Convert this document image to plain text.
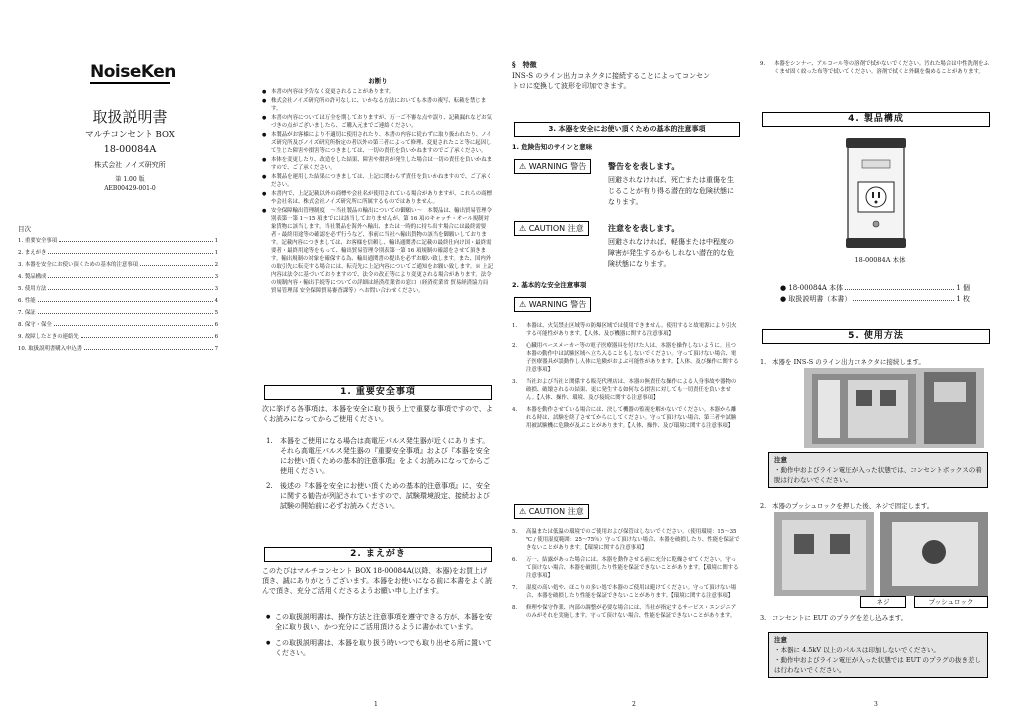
NoiseKen
取扱説明書
マルチコンセント BOX
18-00084A
株式会社 ノイズ研究所
第 1.00 版
AEB00429-001-0
目次
1. 重要安全事項	1
2. まえがき	1
3. 本器を安全にお使い頂くための基本的注意事項	2
4. 製品構成	3
5. 使用方法	3
6. 性能	4
7. 保証	5
8. 保守・保全	6
9. 故障したときの連絡先	6
10. 取扱説明書購入申込書	7
お断り
● 本書の内容は予告なく変更されることがあります。
● 株式会社ノイズ研究所の許可なしに、いかなる方法においても本書の複写、転載を禁じます。
● 本書の内容については万全を期しておりますが、万一ご不審な点や誤り、記載漏れなどお気づきの点がございましたら、ご購入元までご連絡ください。
● 本製品がお客様により不適切に使用されたり、本書の内容に従わずに取り扱われたり、ノイズ研究所及びノイズ研究所指定の者以外の第三者によって修理、変更されたこと等に起因して生じた障害や損害等につきましては、一切の責任を負いかねますのでご了承ください。
● 本体を変更したり、改造をした結果、障害や損害が発生した場合は一切の責任を負いかねますので、ご了承ください。
● 本製品を運用した結果につきましては、上記に関わらず責任を負いかねますので、ご了承ください。
● 本書内で、上記記載以外の商標や会社名が使用されている場合がありますが、これらの商標や会社名は、株式会社ノイズ研究所に所属するものではありません。
● 安全保障輸出管理制度　～当社製品の輸出についての御願い～　本製品は、輸出貿易管理令別表第一第 1～15 項までには該当しておりませんが、第 16 項のキャッチ・オール規制対象貨物に該当します。当社製品を海外へ輸出、または一時的に持ち出す場合には最終需要者・最終用途等の確認を必ず行うなど、事前に当社へ輸出貨物の該当を御願いしております。記載内容につきましては、お客様を信頼し、輸出通関書に記載の最終仕向け国・最終需要者・最終用途等をもって、輸出貿易管理令別表第一第 16 項規制の確認をさせて頂きます。輸出規制の対象を確保する為、輸出通関書の提出を必ずお願い致します。また、国内外の取引先に転売する場合には、転売先に上記内容についてご通知をお願い致します。※ 上記内容は法令に基づいておりますので、法令の改正等により変更される場合があります。法令の規制内容・輸出手続等についての詳細は経済産業省の窓口（経済産業省 貿易経済協力局 貿易管理部 安全保障貿易審査課等）へお問い合わせください。
1. 重要安全事項
次に挙げる各事項は、本器を安全に取り扱う上で重要な事項ですので、よくお読みになってからご使用ください。
1. 本器をご使用になる場合は高電圧パルス発生器が近くにあります。それら高電圧パルス発生器の『重要安全事項』および『本器を安全にお使い頂くための基本的注意事項』をよくお読みになってからご使用ください。
2. 後述の『本器を安全にお使い頂くための基本的注意事項』に、安全に関する勧告が列記されていますので、試験環境設定、接続および試験の開始前に必ずお読みください。
2. まえがき
このたびはマルチコンセント BOX 18-00084A(以降、本器)をお買上げ頂き、誠にありがとうございます。本器をお使いになる前に本書をよく読んで頂き、充分ご活用くださるようお願い申し上げます。
● この取扱説明書は、操作方法と注意事項を遵守できる方が、本器を安全に取り扱い、かつ充分にご活用頂けるように書かれています。
● この取扱説明書は、本器を取り扱う時いつでも取り出せる所に置いてください。
1
§　特徴
INS-S のライン出力コネクタに接続することによってコンセントロに変換して波形を印加できます。
3. 本器を安全にお使い頂くための基本的注意事項
1. 危険告知のサインと意味
⚠ WARNING 警告	警告をを表します。
回避されなければ、死亡または重傷を生じることが有り得る潜在的な危険状態になります。
⚠ CAUTION 注意	注意をを表します。
回避されなければ、軽傷または中程度の障害が発生するかもしれない潜在的な危険状態になります。
2. 基本的な安全注意事項
⚠ WARNING 警告
1. 本器は、火気禁止区域等の防爆区域では使用できません。使用すると故電源により引火する可能性があります。【人体、及び機器に関する注意事項】
2. 心臓用ペースメーカー等の電子医療器具を付けた人は、本器を操作しないように。且つ本器の動作中は試験区域へ立ち入ることもしないでください。守って頂けない場合、電子医療器具が誤動作し人体に危険がおよぶ可能性があります。【人体、及び操作に関する注意事項】
3. 当社および当社と関係する販売代理店は、本器の無責任な操作による人身事故や器物の破損、破壊されるの結果、更に発生する如何なる損害に対しても一切責任を負いません。【人体、操作、環境、及び接続に関する注意事項】
4. 本器を動作させている場合には、決して機器の監視を解かないでください。本器から離れる時は、試験を終了させてからにしてください。守って頂けない場合、第三者や試験用被試験機に危険が及ぶことがあります。【人体、操作、及び環境に関する注意事項】
⚠ CAUTION 注意
5. 高温または低温の環境でのご使用および保管はしないでください。（使用環境：15～35 ℃ / 使用湿度範囲：25～75％）守って頂けない場合、本器を破損したり、性能を保証できないことがあります。【環境に関する注意事項】
6. 万一、結露があった場合には、本器を動作させる前に充分に乾燥させてください。守って頂けない場合、本器を破損したり性能を保証できないことがあります。【環境に関する注意事項】
7. 湿度の高い処や、ほこりの多い処で本器のご使用は避けてください。守って頂けない場合、本器を破損したり性能を保証できないことがあります。【環境に関する注意事項】
8. 修理や保守作業、内部の調整が必要な場合には、当社が指定するサービス・エンジニアのみがそれを実施します。守って頂けない場合、性能を保証できないことがあります。
2
9. 本器をシンナー、アルコール等の溶剤で拭かないでください。汚れた場合は中性洗剤をふくませ固く絞った布等で拭いてください。溶剤で拭くと外観を傷めることがあります。
4. 製品構成
18-00084A 本体
● 18-00084A 本体	1 個
● 取扱説明書（本書）	1 枚
5. 使用方法
1. 本器を INS-S のライン出力コネクタに接続します。
注意
・動作中およびライン電圧が入った状態では、コンセントボックスの着脱は行わないでください。
2. 本器のプッシュロックを押した後、ネジで固定します。
ネジ	プッシュロック
3. コンセントに EUT のプラグを差し込みます。
注意
・本器に 4.5kV 以上のパルスは印加しないでください。
・動作中およびライン電圧が入った状態では EUT のプラグの抜き差しは行わないでください。
3
